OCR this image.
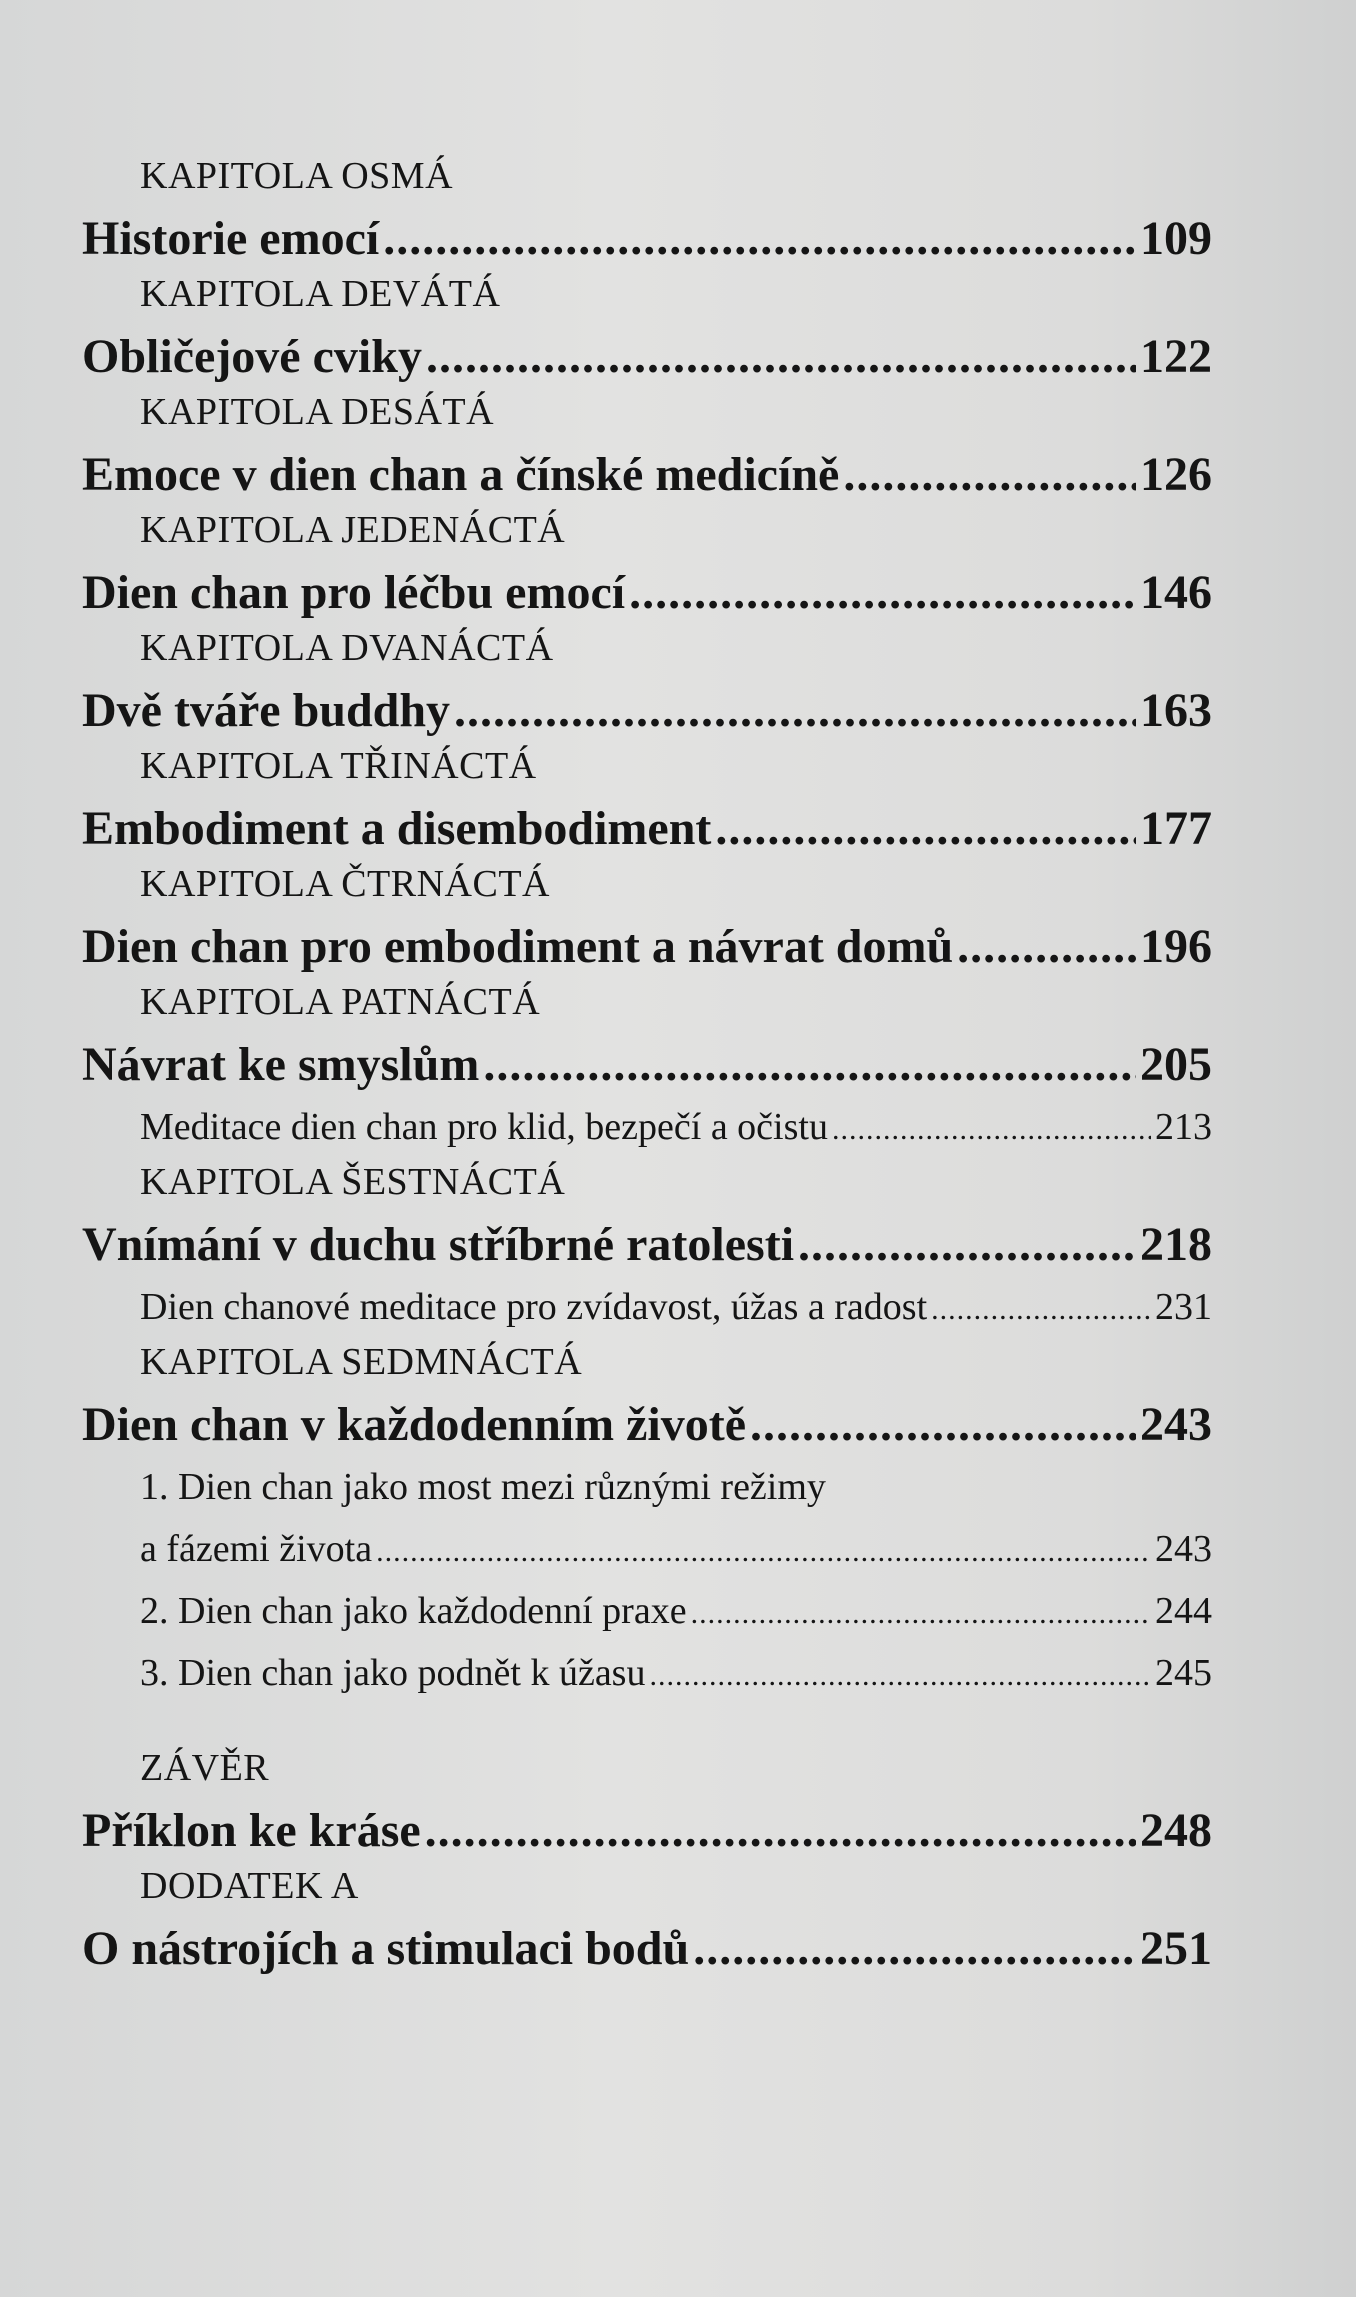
KAPITOLA OSMÁ
Historie emocí .....	109
KAPITOLA DEVÁTÁ
Obličejové cviky .....	122
KAPITOLA DESÁTÁ
Emoce v dien chan a čínské medicíně .....	126
KAPITOLA JEDENÁCTÁ
Dien chan pro léčbu emocí .....	146
KAPITOLA DVANÁCTÁ
Dvě tváře buddhy .....	163
KAPITOLA TŘINÁCTÁ
Embodiment a disembodiment .....	177
KAPITOLA ČTRNÁCTÁ
Dien chan pro embodiment a návrat domů .....	196
KAPITOLA PATNÁCTÁ
Návrat ke smyslům .....	205
Meditace dien chan pro klid, bezpečí a očistu .....	213
KAPITOLA ŠESTNÁCTÁ
Vnímání v duchu stříbrné ratolesti .....	218
Dien chanové meditace pro zvídavost, úžas a radost .....	231
KAPITOLA SEDMNÁCTÁ
Dien chan v každodenním životě .....	243
1. Dien chan jako most mezi různými režimy
a fázemi života .....	243
2. Dien chan jako každodenní praxe .....	244
3. Dien chan jako podnět k úžasu .....	245
ZÁVĚR
Příklon ke kráse .....	248
DODATEK A
O nástrojích a stimulaci bodů .....	251
